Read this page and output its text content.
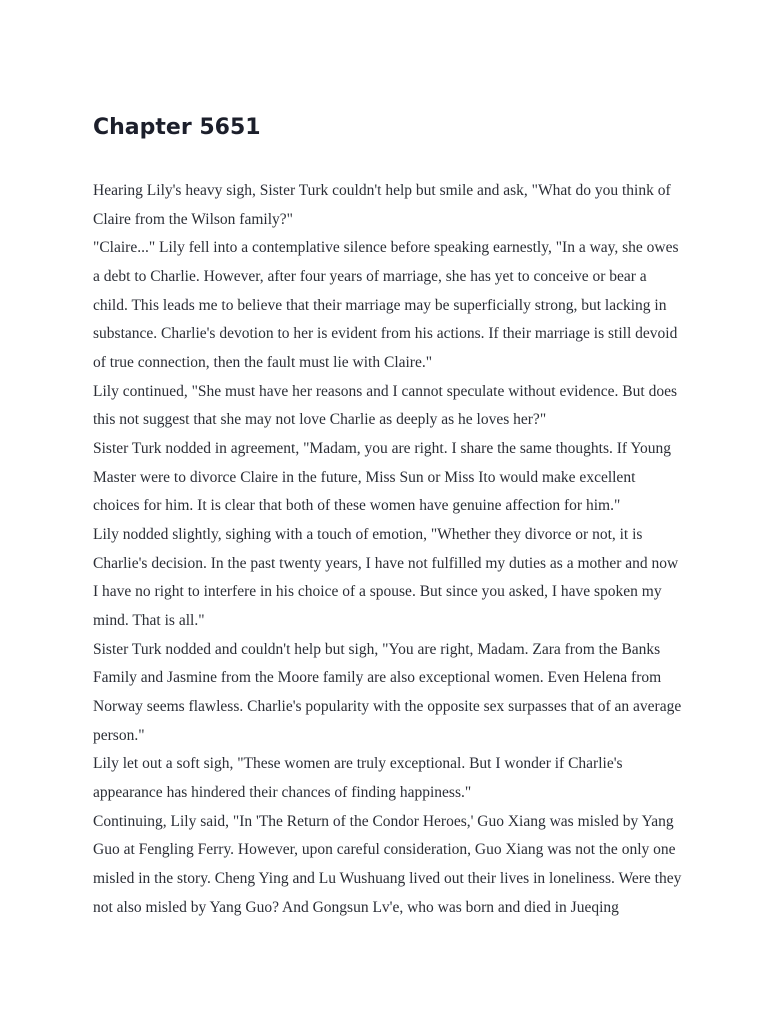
Chapter 5651

Hearing Lily's heavy sigh, Sister Turk couldn't help but smile and ask, "What do you think of Claire from the Wilson family?"

"Claire..." Lily fell into a contemplative silence before speaking earnestly, "In a way, she owes a debt to Charlie. However, after four years of marriage, she has yet to conceive or bear a child. This leads me to believe that their marriage may be superficially strong, but lacking in substance. Charlie's devotion to her is evident from his actions. If their marriage is still devoid of true connection, then the fault must lie with Claire."

Lily continued, "She must have her reasons and I cannot speculate without evidence. But does this not suggest that she may not love Charlie as deeply as he loves her?"

Sister Turk nodded in agreement, "Madam, you are right. I share the same thoughts. If Young Master were to divorce Claire in the future, Miss Sun or Miss Ito would make excellent choices for him. It is clear that both of these women have genuine affection for him."

Lily nodded slightly, sighing with a touch of emotion, "Whether they divorce or not, it is Charlie's decision. In the past twenty years, I have not fulfilled my duties as a mother and now I have no right to interfere in his choice of a spouse. But since you asked, I have spoken my mind. That is all."

Sister Turk nodded and couldn't help but sigh, "You are right, Madam. Zara from the Banks Family and Jasmine from the Moore family are also exceptional women. Even Helena from Norway seems flawless. Charlie's popularity with the opposite sex surpasses that of an average person."

Lily let out a soft sigh, "These women are truly exceptional. But I wonder if Charlie's appearance has hindered their chances of finding happiness."

Continuing, Lily said, "In 'The Return of the Condor Heroes,' Guo Xiang was misled by Yang Guo at Fengling Ferry. However, upon careful consideration, Guo Xiang was not the only one misled in the story. Cheng Ying and Lu Wushuang lived out their lives in loneliness. Were they not also misled by Yang Guo? And Gongsun Lv'e, who was born and died in Jueqing
